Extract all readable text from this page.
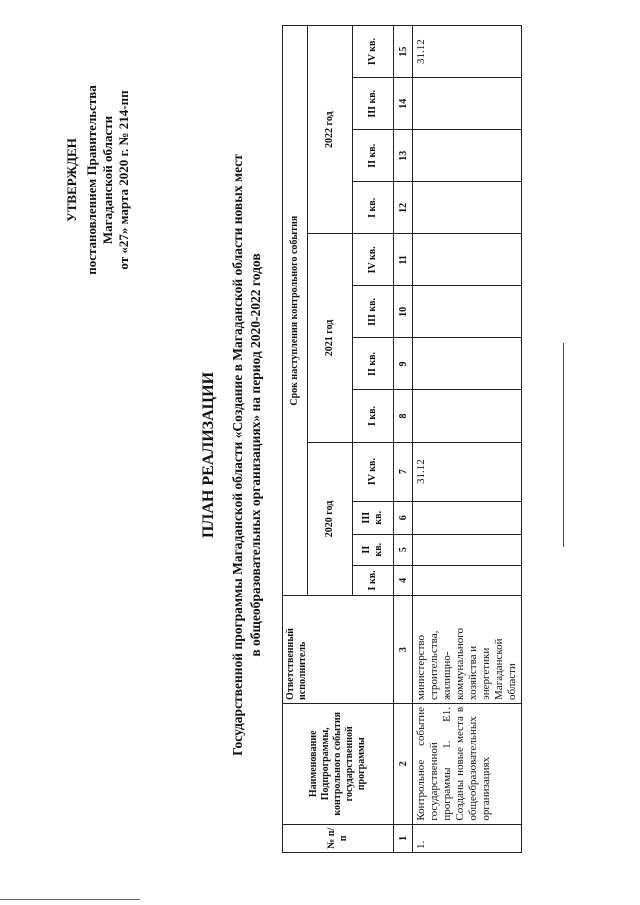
УТВЕРЖДЕН постановлением Правительства Магаданской области от «27» марта 2020 г. № 214-пп
ПЛАН РЕАЛИЗАЦИИ Государственной программы Магаданской области «Создание в Магаданской области новых мест в общеобразовательных организациях» на период 2020-2022 годов
№ п/п	Наименование Подпрограммы, контрольного события государственной программы	Ответственный исполнитель	Срок наступления контрольного события											
			2020 год				2021 год				2022 год			
			I кв.	II кв.	III кв.	IV кв.	I кв.	II кв.	III кв.	IV кв.	I кв.	II кв.	III кв.	IV кв.
1	2	3	4	5	6	7	8	9	10	11	12	13	14	15
1.	Контрольное событие государственной программы 1. E1. Созданы новые места в общеобразовательных организациях	министерство строительства, жилищно-коммунального хозяйства и энергетики Магаданской области				31.12								31.12
